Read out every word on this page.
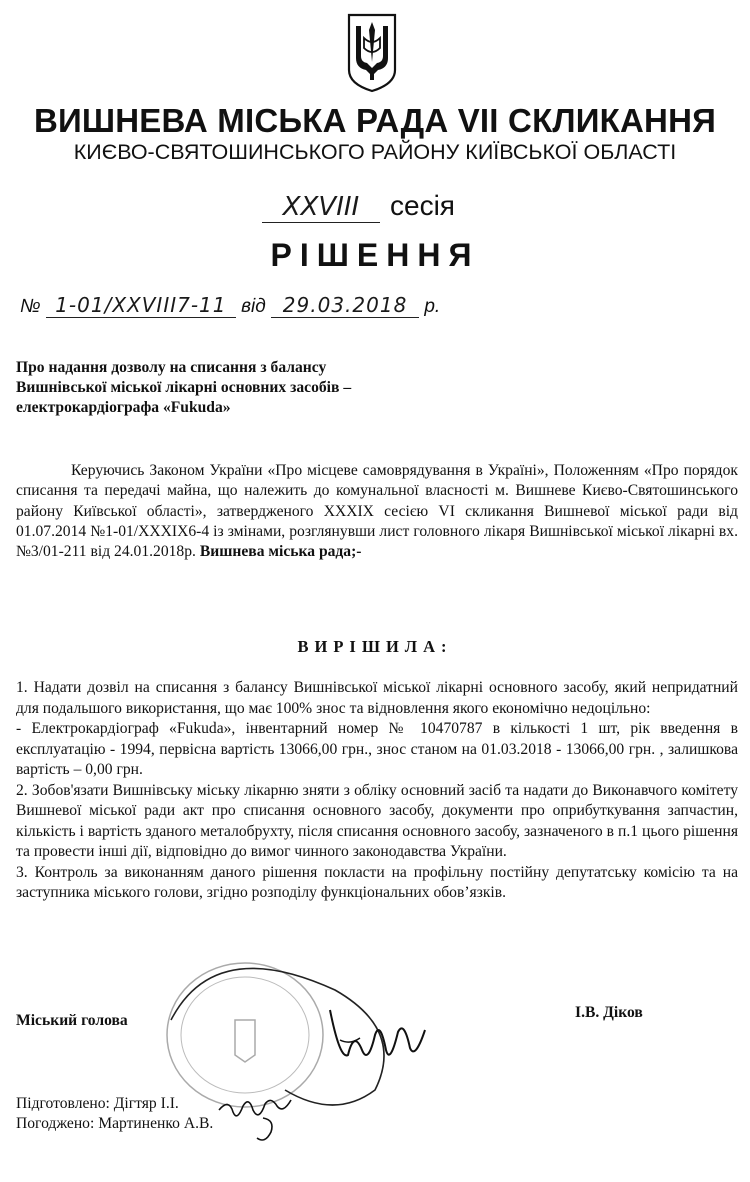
ВИШНЕВА МІСЬКА РАДА VII СКЛИКАННЯ
КИЄВО-СВЯТОШИНСЬКОГО РАЙОНУ КИЇВСЬКОЇ ОБЛАСТІ
XXVIII сесія
РІШЕННЯ
№ 1-01/XXVIII7-11 від 29.03.2018 р.
Про надання дозволу на списання з балансу
Вишнівської міської лікарні основних засобів –
електрокардіографа «Fukuda»
Керуючись Законом України «Про місцеве самоврядування в Україні», Положенням «Про порядок списання та передачі майна, що належить до комунальної власності м. Вишневе Києво-Святошинського району Київської області», затвердженого XXXIX сесією VI скликання Вишневої міської ради від 01.07.2014 №1-01/XXXIX6-4 із змінами, розглянувши лист головного лікаря Вишнівської міської лікарні вх. №3/01-211 від 24.01.2018р. Вишнева міська рада;-
ВИРІШИЛА:

1. Надати дозвіл на списання з балансу Вишнівської міської лікарні основного засобу, який непридатний для подальшого використання, що має 100% знос та відновлення якого економічно недоцільно:

- Електрокардіограф «Fukuda», інвентарний номер № 10470787 в кількості 1 шт, рік введення в експлуатацію - 1994, первісна вартість 13066,00 грн., знос станом на 01.03.2018 - 13066,00 грн. , залишкова вартість – 0,00 грн.

2. Зобов'язати Вишнівську міську лікарню зняти з обліку основний засіб та надати до Виконавчого комітету Вишневої міської ради акт про списання основного засобу, документи про оприбуткування запчастин, кількість і вартість зданого металобрухту, після списання основного засобу, зазначеного в п.1 цього рішення та провести інші дії, відповідно до вимог чинного законодавства України.

3. Контроль за виконанням даного рішення покласти на профільну постійну депутатську комісію та на заступника міського голови, згідно розподілу функціональних обов’язків.

Міський голова	І.В. Діков
Підготовлено: Дігтяр І.І.
Погоджено: Мартиненко А.В.
